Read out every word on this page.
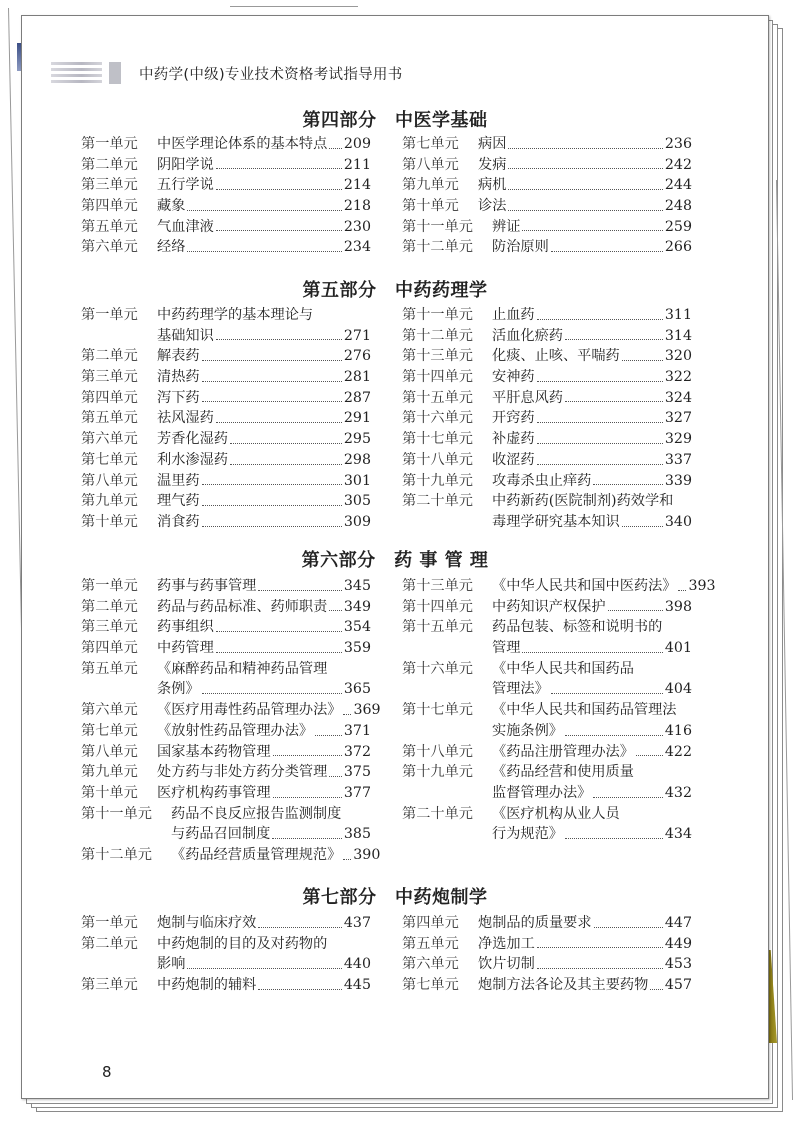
中药学(中级)专业技术资格考试指导用书
第四部分　中医学基础
第一单元 中医学理论体系的基本特点 209
第二单元 阴阳学说	211
第三单元 五行学说	214
第四单元 藏象	218
第五单元 气血津液	230
第六单元 经络	234
第七单元 病因	236
第八单元 发病	242
第九单元 病机	244
第十单元 诊法	248
第十一单元 辨证	259
第十二单元 防治原则	266
第五部分　中药药理学
第一单元 中药药理学的基本理论与
基础知识	271
第二单元 解表药	276
第三单元 清热药	281
第四单元 泻下药	287
第五单元 祛风湿药	291
第六单元 芳香化湿药	295
第七单元 利水渗湿药	298
第八单元 温里药	301
第九单元 理气药	305
第十单元 消食药	309
第十一单元 止血药	311
第十二单元 活血化瘀药	314
第十三单元 化痰、止咳、平喘药	320
第十四单元 安神药	322
第十五单元 平肝息风药	324
第十六单元 开窍药	327
第十七单元 补虚药	329
第十八单元 收涩药	337
第十九单元 攻毒杀虫止痒药	339
第二十单元 中药新药(医院制剂)药效学和
毒理学研究基本知识	340
第六部分　药 事 管 理
第一单元 药事与药事管理	345
第二单元 药品与药品标准、药师职责 349
第三单元 药事组织	354
第四单元 中药管理	359
第五单元 《麻醉药品和精神药品管理
条例》	365
第六单元 《医疗用毒性药品管理办法》 369
第七单元 《放射性药品管理办法》 371
第八单元 国家基本药物管理	372
第九单元 处方药与非处方药分类管理 375
第十单元 医疗机构药事管理	377
第十一单元 药品不良反应报告监测制度
与药品召回制度	385
第十二单元 《药品经营质量管理规范》 390
第十三单元 《中华人民共和国中医药法》 393
第十四单元 中药知识产权保护	398
第十五单元 药品包装、标签和说明书的
管理	401
第十六单元 《中华人民共和国药品
管理法》	404
第十七单元 《中华人民共和国药品管理法
实施条例》	416
第十八单元 《药品注册管理办法》 422
第十九单元 《药品经营和使用质量
监督管理办法》	432
第二十单元 《医疗机构从业人员
行为规范》	434
第七部分　中药炮制学
第一单元 炮制与临床疗效	437
第二单元 中药炮制的目的及对药物的
影响	440
第三单元 中药炮制的辅料	445
第四单元 炮制品的质量要求	447
第五单元 净选加工	449
第六单元 饮片切制	453
第七单元 炮制方法各论及其主要药物 457
8
